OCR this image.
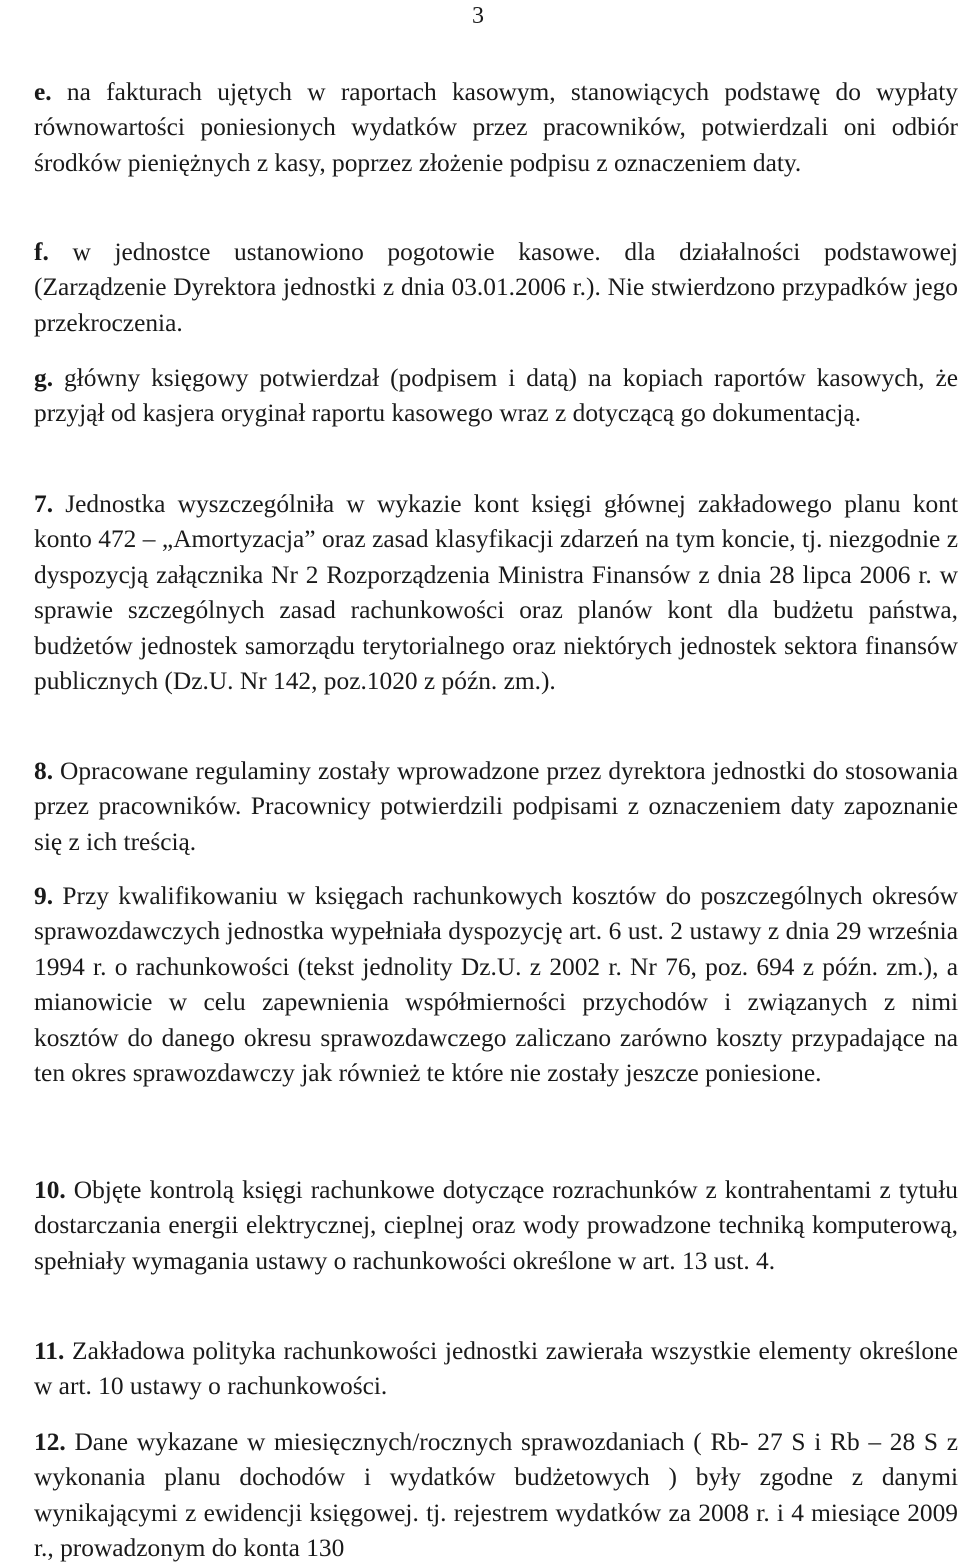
3
e. na fakturach ujętych w raportach kasowym, stanowiących podstawę do wypłaty równowartości poniesionych wydatków przez pracowników, potwierdzali oni odbiór środków pieniężnych z kasy, poprzez złożenie podpisu z oznaczeniem daty.
f. w jednostce ustanowiono pogotowie kasowe. dla działalności podstawowej (Zarządzenie Dyrektora jednostki z dnia 03.01.2006 r.). Nie stwierdzono przypadków jego przekroczenia.
g. główny księgowy potwierdzał (podpisem i datą) na kopiach raportów kasowych, że przyjął od kasjera oryginał raportu kasowego wraz z dotyczącą go dokumentacją.
7. Jednostka wyszczególniła w wykazie kont księgi głównej zakładowego planu kont konto 472 – „Amortyzacja” oraz zasad klasyfikacji zdarzeń na tym koncie, tj. niezgodnie z dyspozycją załącznika Nr 2 Rozporządzenia Ministra Finansów z dnia 28 lipca 2006 r. w sprawie szczególnych zasad rachunkowości oraz planów kont dla budżetu państwa, budżetów jednostek samorządu terytorialnego oraz niektórych jednostek sektora finansów publicznych (Dz.U. Nr 142, poz.1020 z późn. zm.).
8. Opracowane regulaminy zostały wprowadzone przez dyrektora jednostki do stosowania przez pracowników. Pracownicy potwierdzili podpisami z oznaczeniem daty zapoznanie się z ich treścią.
9. Przy kwalifikowaniu w księgach rachunkowych kosztów do poszczególnych okresów sprawozdawczych jednostka wypełniała dyspozycję art. 6 ust. 2 ustawy z dnia 29 września 1994 r. o rachunkowości (tekst jednolity Dz.U. z 2002 r. Nr 76, poz. 694 z późn. zm.), a mianowicie w celu zapewnienia współmierności przychodów i związanych z nimi kosztów do danego okresu sprawozdawczego zaliczano zarówno koszty przypadające na ten okres sprawozdawczy jak również te które nie zostały jeszcze poniesione.
10. Objęte kontrolą księgi rachunkowe dotyczące rozrachunków z kontrahentami z tytułu dostarczania energii elektrycznej, cieplnej oraz wody prowadzone techniką komputerową, spełniały wymagania ustawy o rachunkowości określone w art. 13 ust. 4.
11. Zakładowa polityka rachunkowości jednostki zawierała wszystkie elementy określone w art. 10 ustawy o rachunkowości.
12. Dane wykazane w miesięcznych/rocznych sprawozdaniach ( Rb- 27 S i Rb – 28 S z wykonania planu dochodów i wydatków budżetowych ) były zgodne z danymi wynikającymi z ewidencji księgowej. tj. rejestrem wydatków za 2008 r. i 4 miesiące 2009 r., prowadzonym do konta 130
